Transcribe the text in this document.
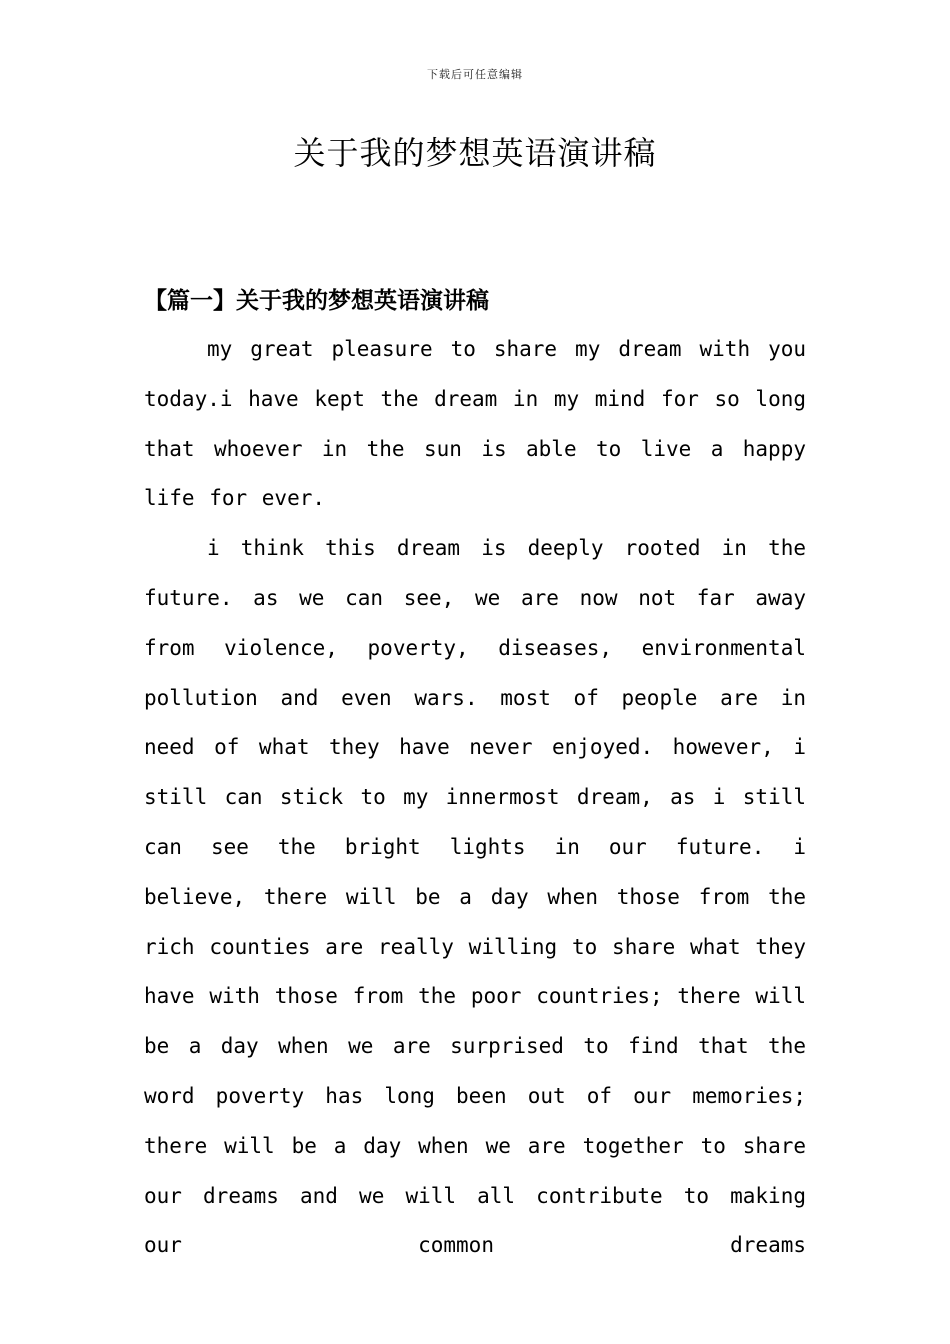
下载后可任意编辑
关于我的梦想英语演讲稿
【篇一】关于我的梦想英语演讲稿

my great pleasure to share my dream with you today.i have kept the dream in my mind for so long that whoever in the sun is able to live a happy life for ever.

i think this dream is deeply rooted in the future. as we can see, we are now not far away from violence, poverty, diseases, environmental pollution and even wars. most of people are in need of what they have never enjoyed. however, i still can stick to my innermost dream, as i still can see the bright lights in our future. i believe, there will be a day when those from the rich counties are really willing to share what they have with those from the poor countries; there will be a day when we are surprised to find that the word poverty has long been out of our memories; there will be a day when we are together to share our dreams and we will all contribute to making our common dreams
